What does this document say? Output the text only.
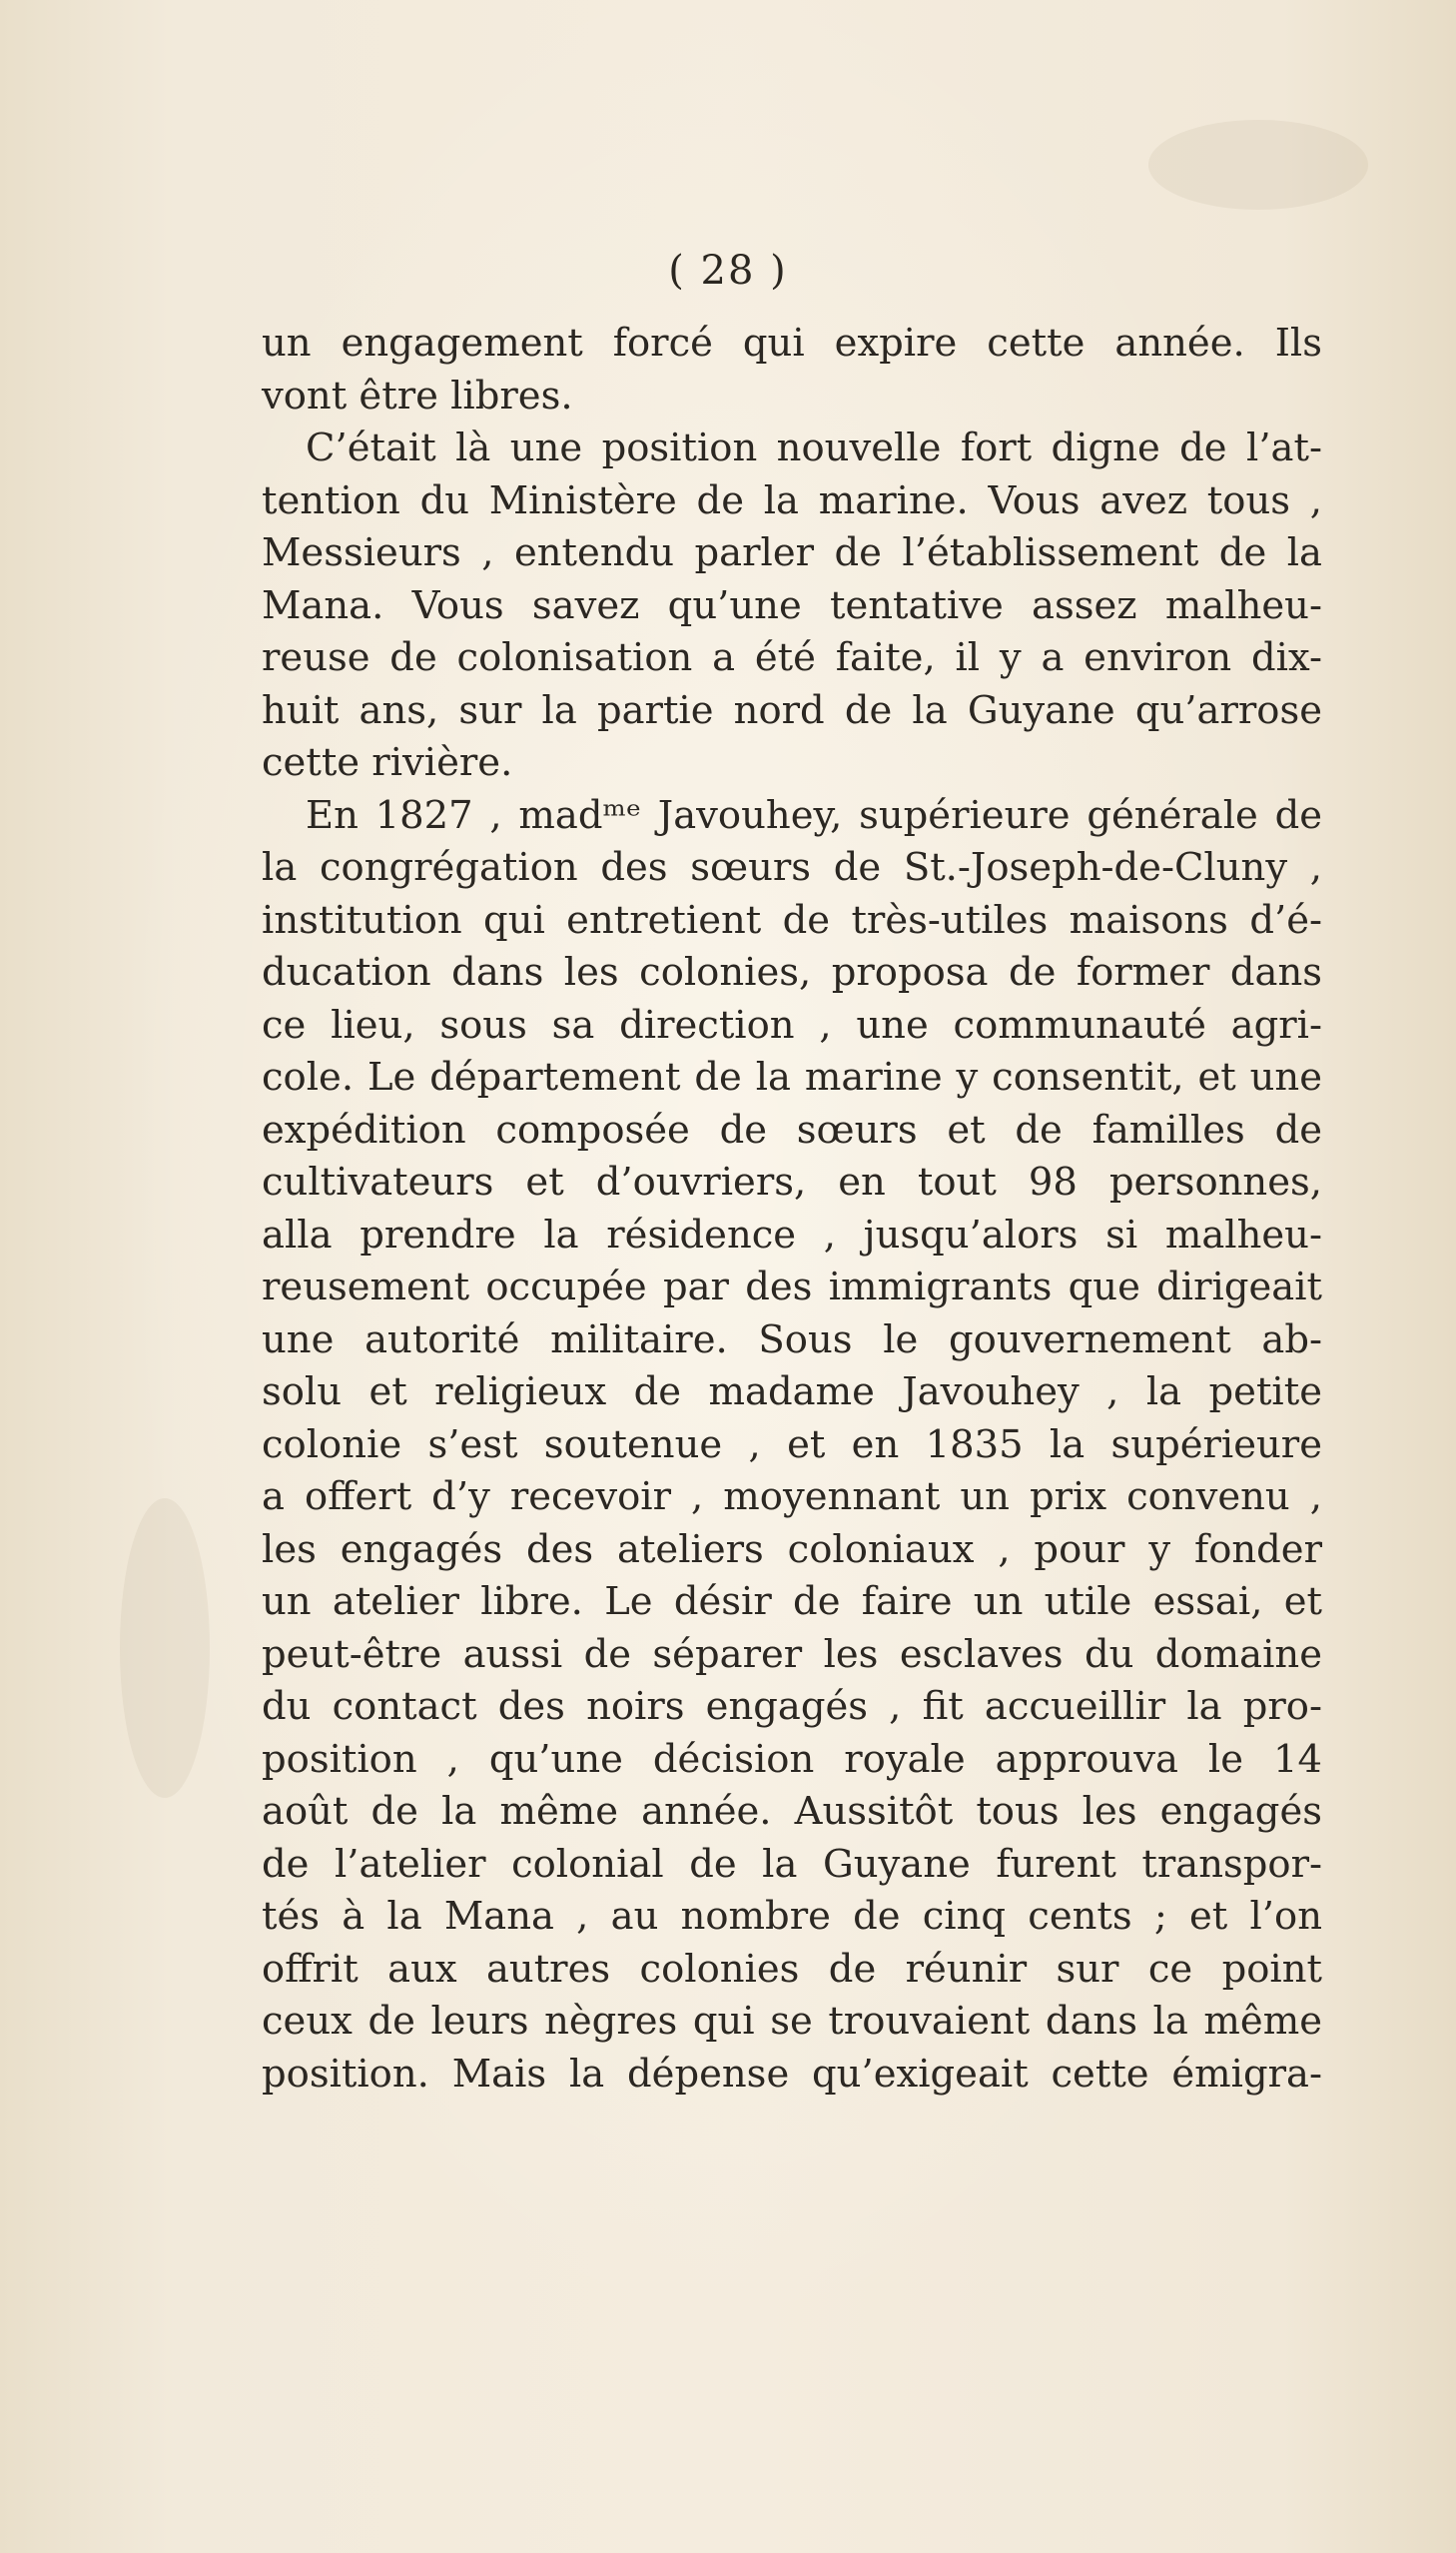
( 28 )
un engagement forcé qui expire cette année. Ils
vont être libres.
C’était là une position nouvelle fort digne de l’at-
tention du Ministère de la marine. Vous avez tous ,
Messieurs , entendu parler de l’établissement de la
Mana. Vous savez qu’une tentative assez malheu-
reuse de colonisation a été faite, il y a environ dix-
huit ans, sur la partie nord de la Guyane qu’arrose
cette rivière.
En 1827 , madᵐᵉ Javouhey, supérieure générale de
la congrégation des sœurs de St.-Joseph-de-Cluny ,
institution qui entretient de très-utiles maisons d’é-
ducation dans les colonies, proposa de former dans
ce lieu, sous sa direction , une communauté agri-
cole. Le département de la marine y consentit, et une
expédition composée de sœurs et de familles de
cultivateurs et d’ouvriers, en tout 98 personnes,
alla prendre la résidence , jusqu’alors si malheu-
reusement occupée par des immigrants que dirigeait
une autorité militaire. Sous le gouvernement ab-
solu et religieux de madame Javouhey , la petite
colonie s’est soutenue , et en 1835 la supérieure
a offert d’y recevoir , moyennant un prix convenu ,
les engagés des ateliers coloniaux , pour y fonder
un atelier libre. Le désir de faire un utile essai, et
peut-être aussi de séparer les esclaves du domaine
du contact des noirs engagés , fit accueillir la pro-
position , qu’une décision royale approuva le 14
août de la même année. Aussitôt tous les engagés
de l’atelier colonial de la Guyane furent transpor-
tés à la Mana , au nombre de cinq cents ; et l’on
offrit aux autres colonies de réunir sur ce point
ceux de leurs nègres qui se trouvaient dans la même
position. Mais la dépense qu’exigeait cette émigra-
